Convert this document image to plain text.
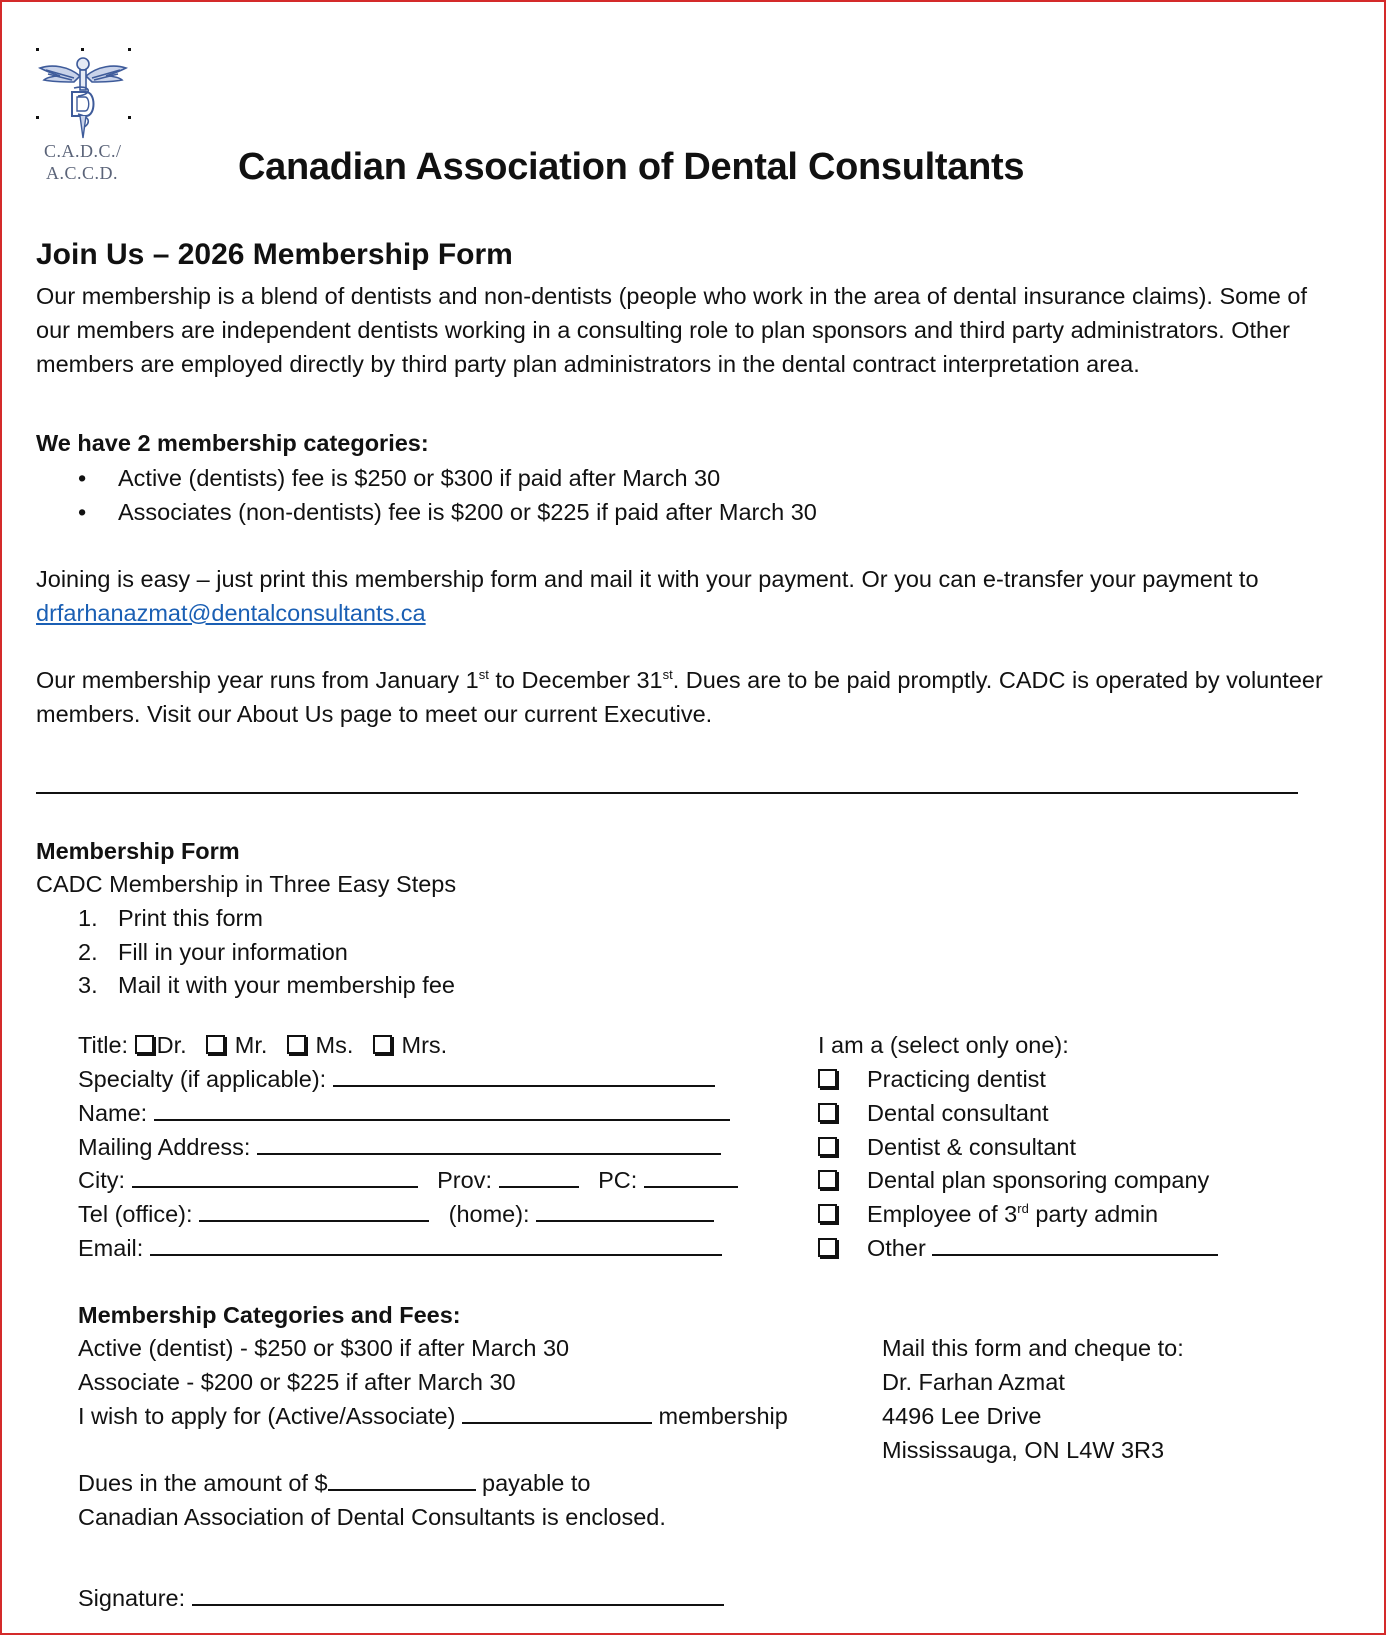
C.A.D.C./
A.C.C.D.	Canadian Association of Dental Consultants
Join Us – 2026 Membership Form
Our membership is a blend of dentists and non-dentists (people who work in the area of dental insurance claims). Some of our members are independent dentists working in a consulting role to plan sponsors and third party administrators. Other members are employed directly by third party plan administrators in the dental contract interpretation area.
We have 2 membership categories:
• Active (dentists) fee is $250 or $300 if paid after March 30
• Associates (non-dentists) fee is $200 or $225 if paid after March 30
Joining is easy – just print this membership form and mail it with your payment. Or you can e-transfer your payment to drfarhanazmat@dentalconsultants.ca
Our membership year runs from January 1st to December 31st. Dues are to be paid promptly. CADC is operated by volunteer members. Visit our About Us page to meet our current Executive.
Membership Form
CADC Membership in Three Easy Steps
1. Print this form
2. Fill in your information
3. Mail it with your membership fee
Title: Dr. Mr. Ms. Mrs.
Specialty (if applicable):
Name:
Mailing Address:
City:	Prov:	PC:
Tel (office):	(home):
Email:
I am a (select only one):
Practicing dentist
Dental consultant
Dentist & consultant
Dental plan sponsoring company
Employee of 3rd party admin
Other
Membership Categories and Fees:
Active (dentist) - $250 or $300 if after March 30
Associate - $200 or $225 if after March 30
I wish to apply for (Active/Associate)	membership
Dues in the amount of $	payable to
Canadian Association of Dental Consultants is enclosed.
Signature:
Mail this form and cheque to:
Dr. Farhan Azmat
4496 Lee Drive
Mississauga, ON L4W 3R3
